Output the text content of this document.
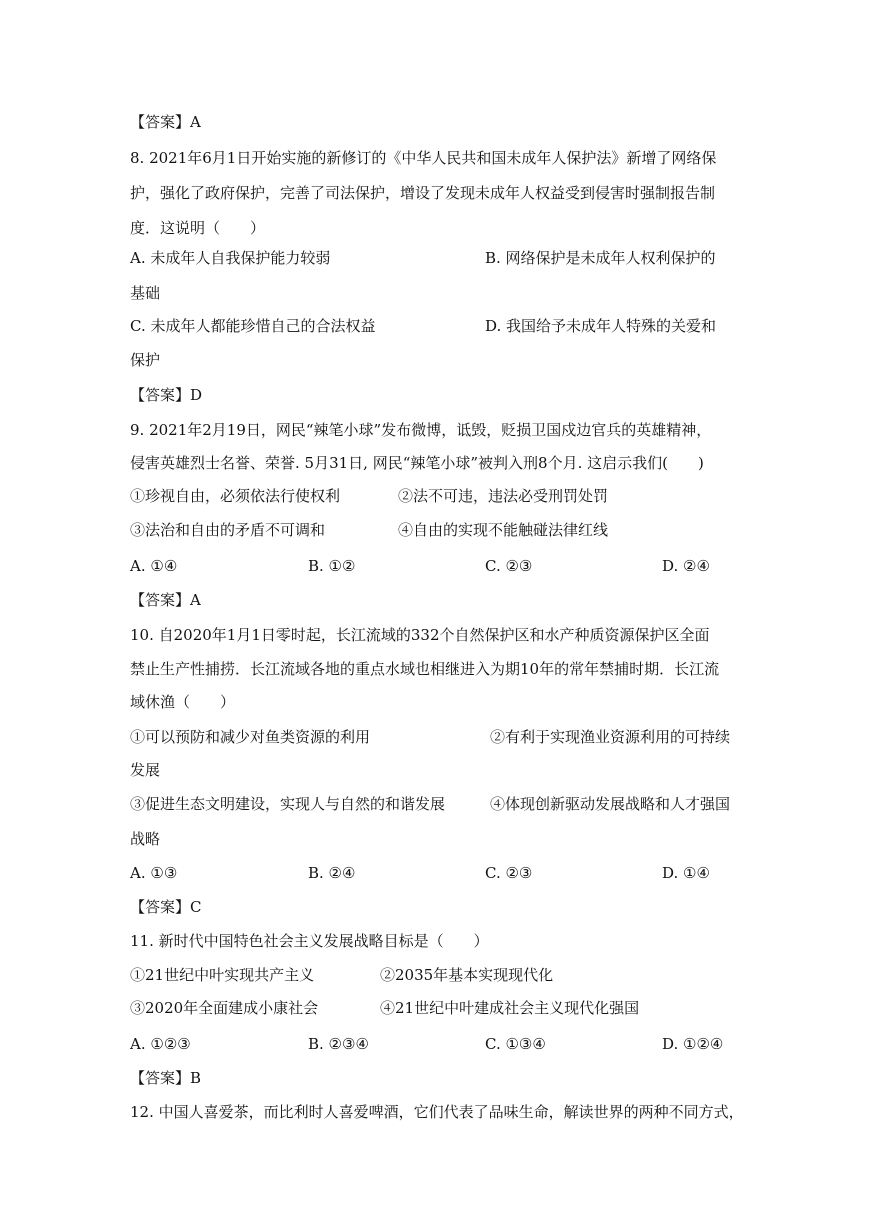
【答案】A
8. 2021年6月1日开始实施的新修订的《中华人民共和国未成年人保护法》新增了网络保
护，强化了政府保护，完善了司法保护，增设了发现未成年人权益受到侵害时强制报告制
度．这说明（　　）
A. 未成年人自我保护能力较弱	B. 网络保护是未成年人权利保护的
基础
C. 未成年人都能珍惜自己的合法权益	D. 我国给予未成年人特殊的关爱和
保护
【答案】D
9. 2021年2月19日，网民“辣笔小球”发布微博，诋毁，贬损卫国戍边官兵的英雄精神，
侵害英雄烈士名誉、荣誉. 5月31日, 网民“辣笔小球”被判入刑8个月. 这启示我们(　　)
①珍视自由，必须依法行使权利	②法不可违，违法必受刑罚处罚
③法治和自由的矛盾不可调和	④自由的实现不能触碰法律红线
A. ①④	B. ①②	C. ②③	D. ②④
【答案】A
10. 自2020年1月1日零时起，长江流域的332个自然保护区和水产种质资源保护区全面
禁止生产性捕捞．长江流域各地的重点水域也相继进入为期10年的常年禁捕时期．长江流
域休渔（　　）
①可以预防和减少对鱼类资源的利用	②有利于实现渔业资源利用的可持续
发展
③促进生态文明建设，实现人与自然的和谐发展	④体现创新驱动发展战略和人才强国
战略
A. ①③	B. ②④	C. ②③	D. ①④
【答案】C
11. 新时代中国特色社会主义发展战略目标是（　　）
①21世纪中叶实现共产主义	②2035年基本实现现代化
③2020年全面建成小康社会	④21世纪中叶建成社会主义现代化强国
A. ①②③	B. ②③④	C. ①③④	D. ①②④
【答案】B
12. 中国人喜爱茶，而比利时人喜爱啤酒，它们代表了品味生命，解读世界的两种不同方式，
